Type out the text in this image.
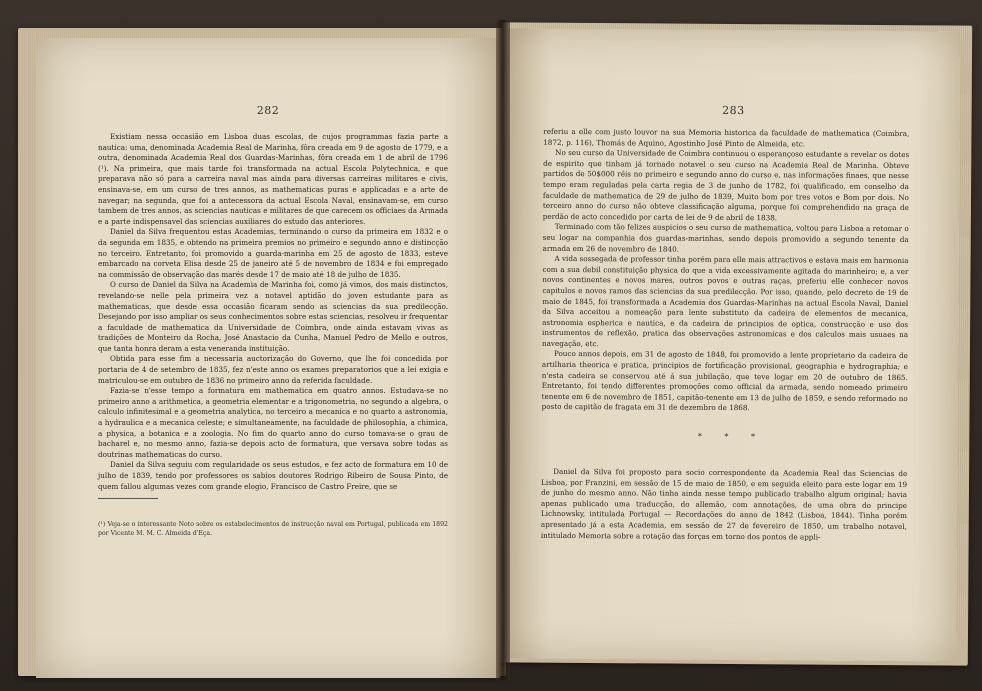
282

Existiam nessa occasião em Lisboa duas escolas, de cujos programmas fazia parte a nautica: uma, denominada Academia Real de Marinha, fôra creada em 9 de agosto de 1779, e a outra, denominada Academia Real dos Guardas-Marinhas, fôra creada em 1 de abril de 1796 (¹). Na primeira, que mais tarde foi transformada na actual Escola Polytechnica, e que preparava não só para a carreira naval mas ainda para diversas carreiras militares e civis, ensinava-se, em um curso de tres annos, as mathematicas puras e applicadas e a arte de navegar; na segunda, que foi a antecessora da actual Escola Naval, ensinavam-se, em curso tambem de tres annos, as sciencias nauticas e militares de que carecem os officiaes da Armada e a parte indispensavel das sciencias auxiliares do estudo das anteriores.

Daniel da Silva frequentou estas Academias, terminando o curso da primeira em 1832 e o da segunda em 1835, e obtendo na primeira premios no primeiro e segundo anno e distincção no terceiro. Entretanto, foi promovido a guarda-marinha em 25 de agosto de 1833, esteve embarcado na corveta Elisa desde 25 de janeiro até 5 de novembro de 1834 e foi empregado na commissão de observação das marés desde 17 de maio até 18 de julho de 1835.

O curso de Daniel da Silva na Academia de Marinha foi, como já vimos, dos mais distinctos, revelando-se nelle pela primeira vez a notavel aptidão do joven estudante para as mathematicas, que desde essa occasião ficaram sendo as sciencias da sua predilecção. Desejando por isso ampliar os seus conhecimentos sobre estas sciencias, resolveu ir frequentar a faculdade de mathematica da Universidade de Coimbra, onde ainda estavam vivas as tradições de Monteiro da Rocha, José Anastacio da Cunha, Manuel Pedro de Mello e outros, que tanta honra deram a esta veneranda instituição.

Obtida para esse fim a necessaria auctorização do Governo, que lhe foi concedida por portaria de 4 de setembro de 1835, fez n'este anno os exames preparatorios que a lei exigia e matriculou-se em outubro de 1836 no primeiro anno da referida faculdade.

Fazia-se n'esse tempo a formatura em mathematica em quatro annos. Estudava-se no primeiro anno a arithmetica, a geometria elementar e a trigonometria, no segundo a algebra, o calculo infinitesimal e a geometria analytica, no terceiro a mecanica e no quarto a astronomia, a hydraulica e a mecanica celeste; e simultaneamente, na faculdade de philosophia, a chimica, a physica, a botanica e a zoologia. No fim do quarto anno do curso tomava-se o grau de bacharel e, no mesmo anno, fazia-se depois acto de formatura, que versava sobre todas as doutrinas mathematicas do curso.

Daniel da Silva seguiu com regularidade os seus estudos, e fez acto de formatura em 10 de julho de 1839, tendo por professores os sabios doutores Rodrigo Ribeiro de Sousa Pinto, de quem fallou algumas vezes com grande elogio, Francisco de Castro Freire, que se

(¹) Veja-se o interessante Noto sobre os estabelecimentos de instrucção naval em Portugal, publicada em 1892 por Vicente M. M. C. Almeida d'Eça.
283

referiu a elle com justo louvor na sua Memoria historica da faculdade de mathematica (Coimbra, 1872, p. 116), Thomás de Aquino, Agostinho José Pinto de Almeida, etc.

No seu curso da Universidade de Coimbra continuou o esperançoso estudante a revelar os dotes de espirito que tinham já tornado notavel o seu curso na Academia Real de Marinha. Obteve partidos de 50$000 réis no primeiro e segundo anno do curso e, nas informações finaes, que nesse tempo eram reguladas pela carta regia de 3 de junho de 1782, foi qualificado, em conselho da faculdade de mathematica de 29 de julho de 1839, Muito bom por tres votos e Bom por dois. No terceiro anno do curso não obteve classificação alguma, porque foi comprehendido na graça de perdão de acto concedido por carta de lei de 9 de abril de 1838.

Terminado com tão felizes auspicios o seu curso de mathematica, voltou para Lisboa a retomar o seu logar na companhia dos guardas-marinhas, sendo depois promovido a segundo tenente da armada em 26 de novembro de 1840.

A vida sossegada de professor tinha porém para elle mais attractivos e estava mais em harmonia com a sua debil constituição physica do que a vida excessivamente agitada do marinheiro; e, a ver novos continentes e novos mares, outros povos e outras raças, preferiu elle conhecer novos capitulos e novos ramos das sciencias da sua predilecção. Por isso, quando, pelo decreto de 19 de maio de 1845, foi transformada a Academia dos Guardas-Marinhas na actual Escola Naval, Daniel da Silva acceitou a nomeação para lente substituto da cadeira de elementos de mecanica, astronomia espherica e nautica, e da cadeira de principios de optica, construcção e uso dos instrumentos de reflexão, pratica das observações astronomicas e dos calculos mais usuaes na navegação, etc.

Pouco annos depois, em 31 de agosto de 1848, foi promovido a lente proprietario da cadeira de artilharia theorica e pratica, principios de fortificação provisional, geographia e hydrographia; e n'esta cadeira se conservou até á sua jubilação, que teve logar em 20 de outubro de 1865. Entretanto, foi tendo differentes promoções como official da armada, sendo nomeado primeiro tenente em 6 de novembro de 1851, capitão-tenente em 13 de julho de 1859, e sendo reformado no posto de capitão de fragata em 31 de dezembro de 1868.

* * *

Daniel da Silva foi proposto para socio correspondente da Academia Real das Sciencias de Lisboa, por Franzini, em sessão de 15 de maio de 1850, e em seguida eleito para este logar em 19 de junho do mesmo anno. Não tinha ainda nesse tempo publicado trabalho algum original; havia apenas publicado uma traducção, do allemão, com annotações, de uma obra do principe Lichnowsky, intitulada Portugal — Recordações do anno de 1842 (Lisboa, 1844). Tinha porém apresentado já a esta Academia, em sessão de 27 de fevereiro de 1850, um trabalho notavel, intitulado Memoria sobre a rotação das forças em torno dos pontos de appli-
